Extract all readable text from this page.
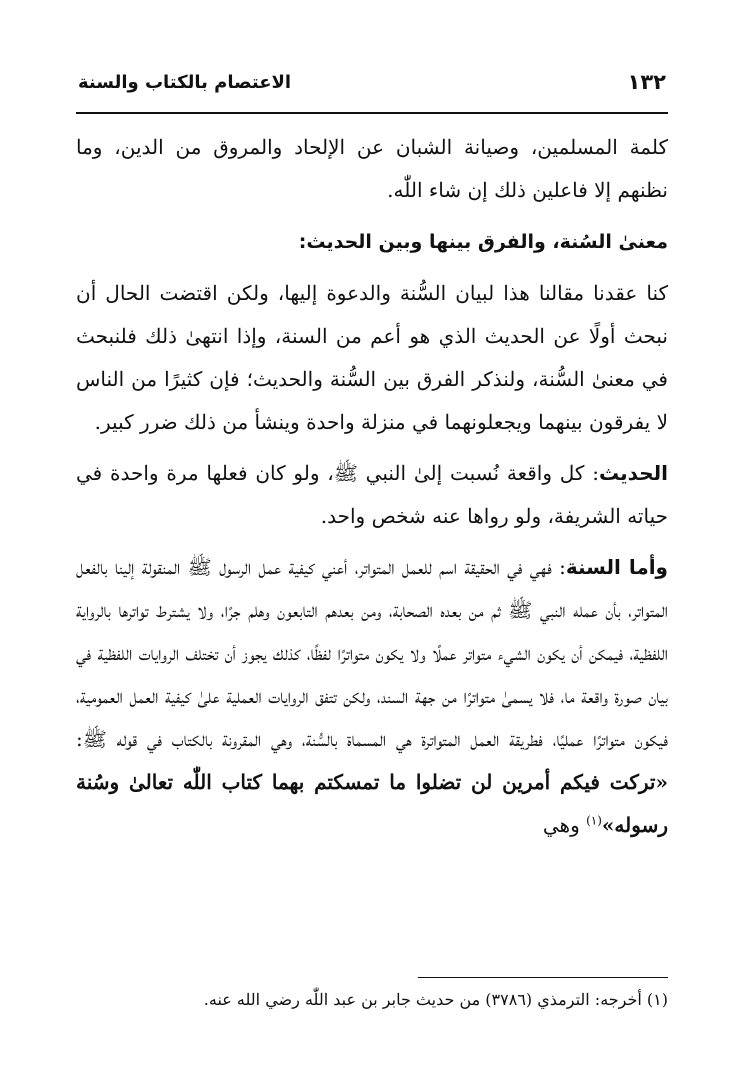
١٣٢
الاعتصام بالكتاب والسنة

كلمة المسلمين، وصيانة الشبان عن الإلحاد والمروق من الدين، وما نظنهم إلا فاعلين ذلك إن شاء اللّٰه.

معنىٰ السُنة، والفرق بينها وبين الحديث:

كنا عقدنا مقالنا هذا لبيان السُّنة والدعوة إليها، ولكن اقتضت الحال أن نبحث أولًا عن الحديث الذي هو أعم من السنة، وإذا انتهىٰ ذلك فلنبحث في معنىٰ السُّنة، ولنذكر الفرق بين السُّنة والحديث؛ فإن كثيرًا من الناس لا يفرقون بينهما ويجعلونهما في منزلة واحدة وينشأ من ذلك ضرر كبير.

الحديث: كل واقعة نُسبت إلىٰ النبي ﷺ، ولو كان فعلها مرة واحدة في حياته الشريفة، ولو رواها عنه شخص واحد.

وأما السنة: فهي في الحقيقة اسم للعمل المتواتر، أعني كيفية عمل الرسول ﷺ المنقولة إلينا بالفعل المتواتر، بأن عمله النبي ﷺ ثم من بعده الصحابة، ومن بعدهم التابعون وهلم جرًا، ولا يشترط تواترها بالرواية اللفظية، فيمكن أن يكون الشيء متواتر عملًا ولا يكون متواترًا لفظًا، كذلك يجوز أن تختلف الروايات اللفظية في بيان صورة واقعة ما، فلا يسمىٰ متواترًا من جهة السند، ولكن تتفق الروايات العملية علىٰ كيفية العمل العمومية، فيكون متواترًا عمليًا، فطريقة العمل المتواترة هي المسماة بالسُّنة، وهي المقرونة بالكتاب في قوله ﷺ: «تركت فيكم أمرين لن تضلوا ما تمسكتم بهما كتاب اللّٰه تعالىٰ وسُنة رسوله»$^{(١)}$ وهي

(١) أخرجه: الترمذي (٣٧٨٦) من حديث جابر بن عبد اللّٰه رضي الله عنه.
